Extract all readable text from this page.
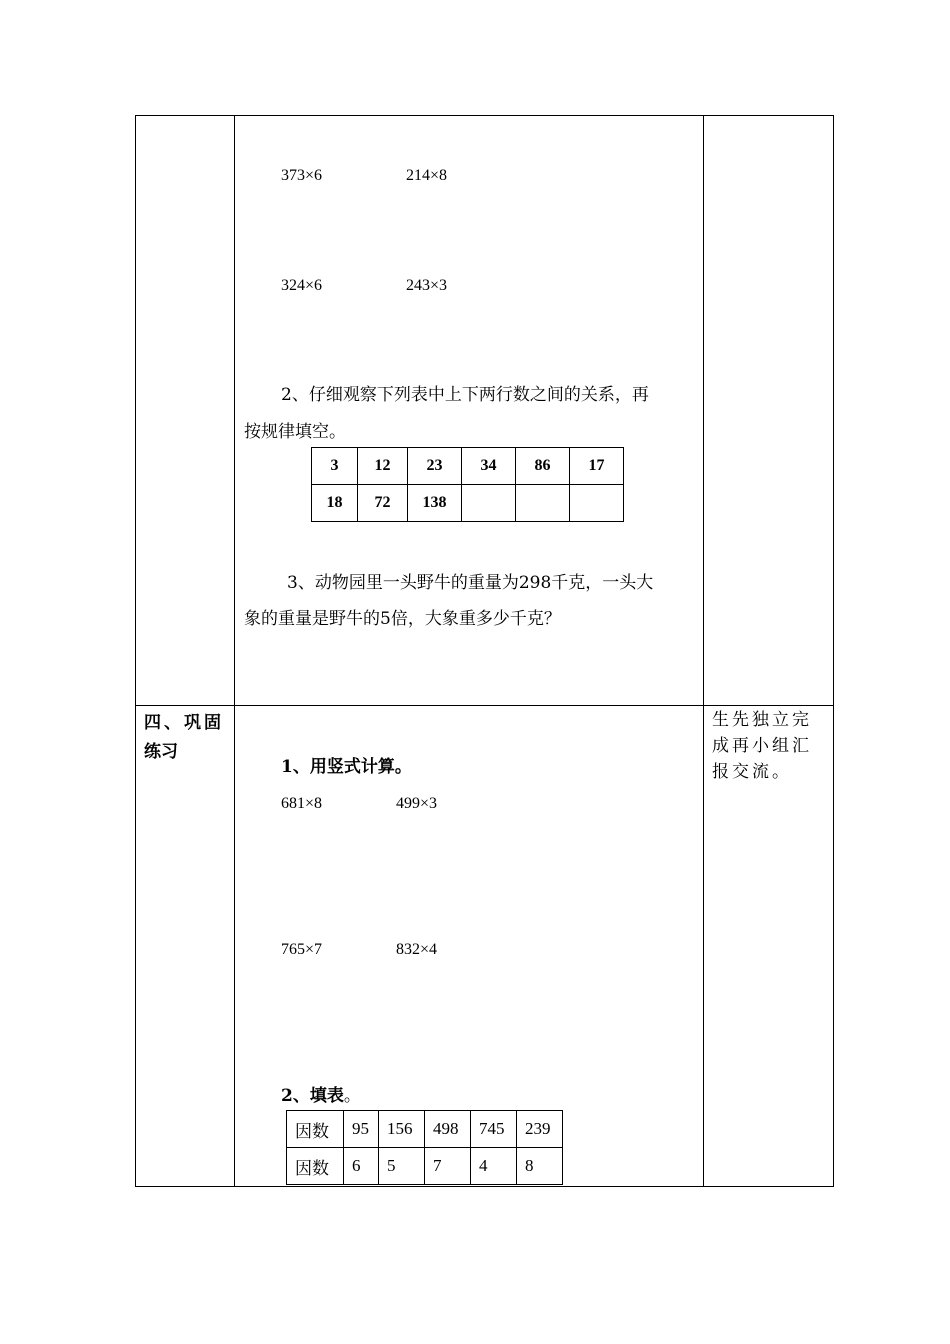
373×6	214×8
324×6	243×3
2、仔细观察下列表中上下两行数之间的关系，再
按规律填空。
3	12	23	34	86	17
18	72	138			
3、动物园里一头野牛的重量为298千克，一头大
象的重量是野牛的5倍，大象重多少千克？
四、巩固
练习
1、用竖式计算。
681×8	499×3
765×7	832×4
2、填表。
因数	95	156	498	745	239
因数	6	5	7	4	8
生先独立完
成再小组汇
报交流。
